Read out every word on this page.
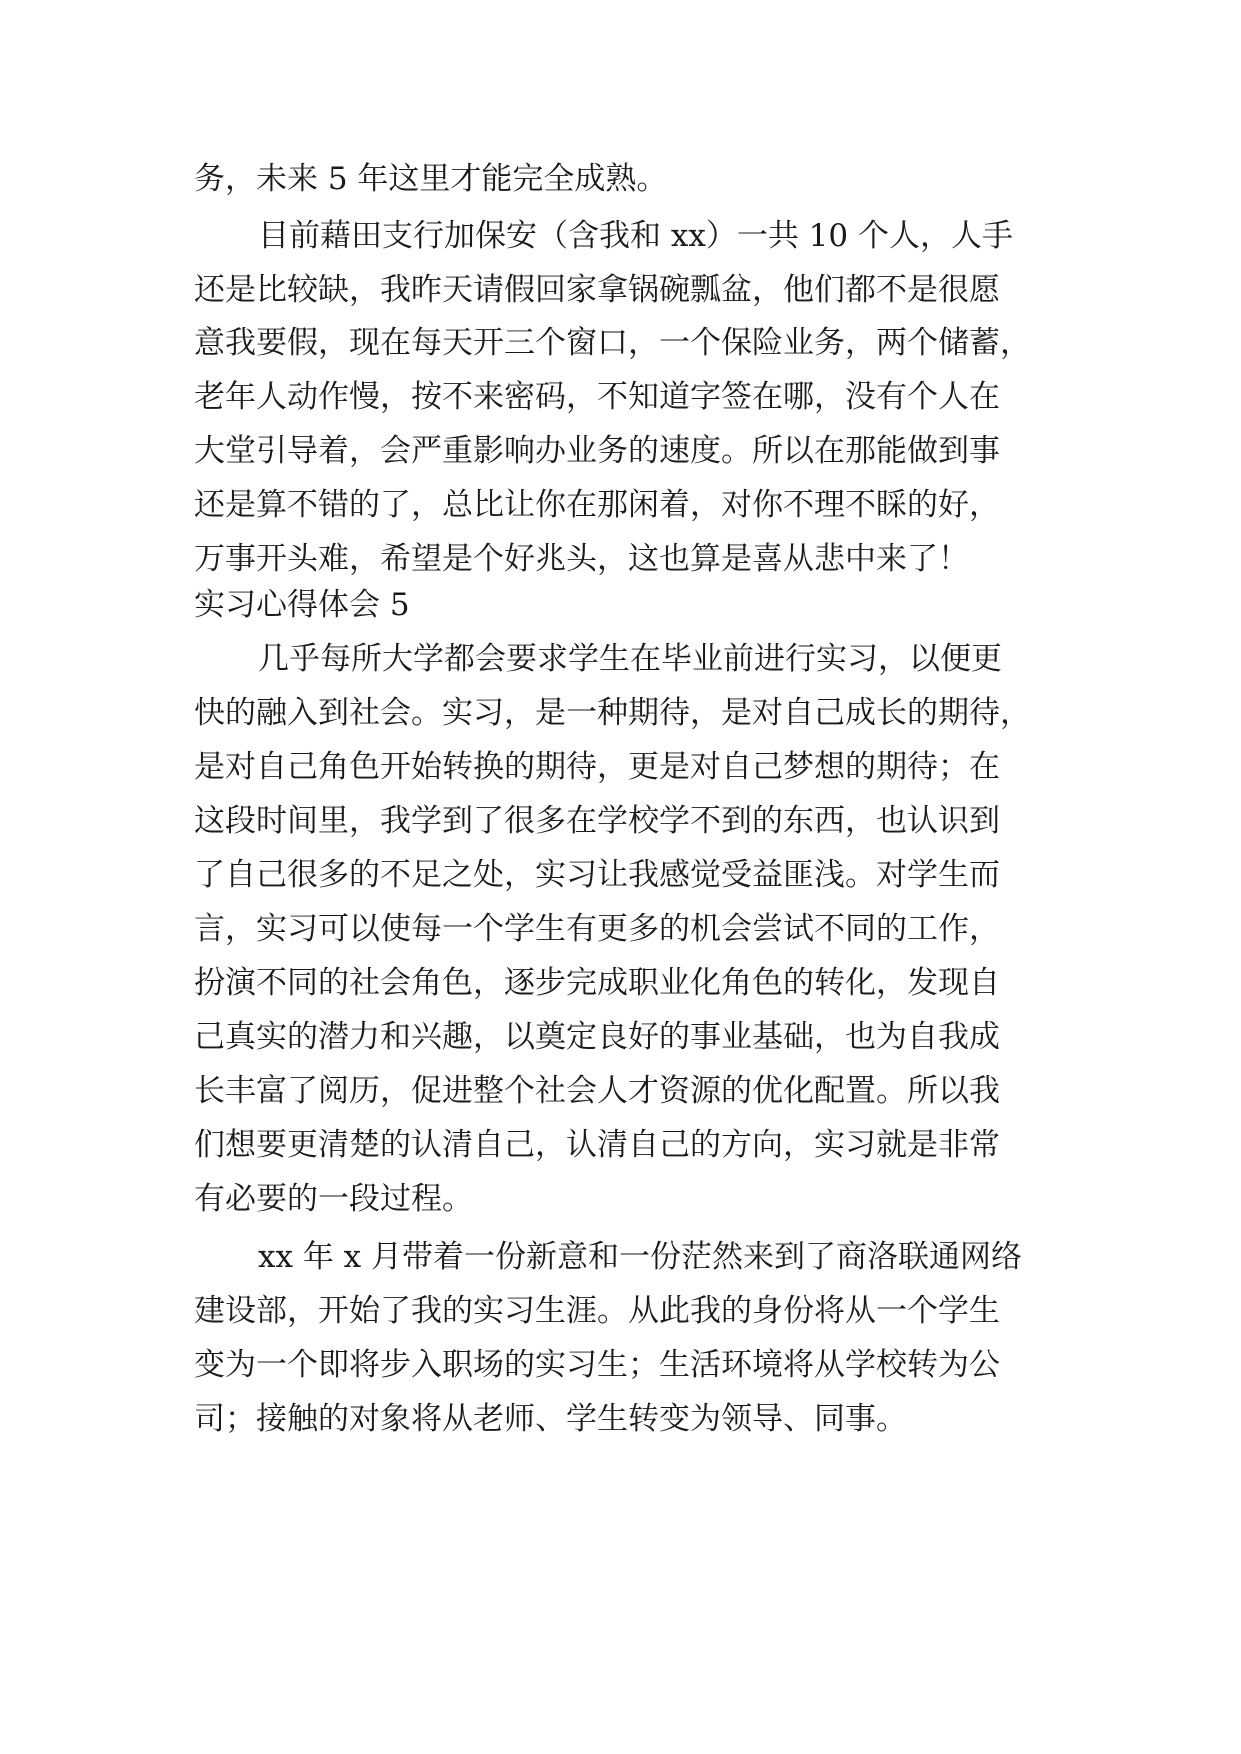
务，未来 5 年这里才能完全成熟。
目前藉田支行加保安（含我和 xx）一共 10 个人，人手
还是比较缺，我昨天请假回家拿锅碗瓢盆，他们都不是很愿
意我要假，现在每天开三个窗口，一个保险业务，两个储蓄，
老年人动作慢，按不来密码，不知道字签在哪，没有个人在
大堂引导着，会严重影响办业务的速度。所以在那能做到事
还是算不错的了，总比让你在那闲着，对你不理不睬的好，
万事开头难，希望是个好兆头，这也算是喜从悲中来了！
实习心得体会 5
几乎每所大学都会要求学生在毕业前进行实习，以便更
快的融入到社会。实习，是一种期待，是对自己成长的期待，
是对自己角色开始转换的期待，更是对自己梦想的期待；在
这段时间里，我学到了很多在学校学不到的东西，也认识到
了自己很多的不足之处，实习让我感觉受益匪浅。对学生而
言，实习可以使每一个学生有更多的机会尝试不同的工作，
扮演不同的社会角色，逐步完成职业化角色的转化，发现自
己真实的潜力和兴趣，以奠定良好的事业基础，也为自我成
长丰富了阅历，促进整个社会人才资源的优化配置。所以我
们想要更清楚的认清自己，认清自己的方向，实习就是非常
有必要的一段过程。
xx 年 x 月带着一份新意和一份茫然来到了商洛联通网络
建设部，开始了我的实习生涯。从此我的身份将从一个学生
变为一个即将步入职场的实习生；生活环境将从学校转为公
司；接触的对象将从老师、学生转变为领导、同事。
